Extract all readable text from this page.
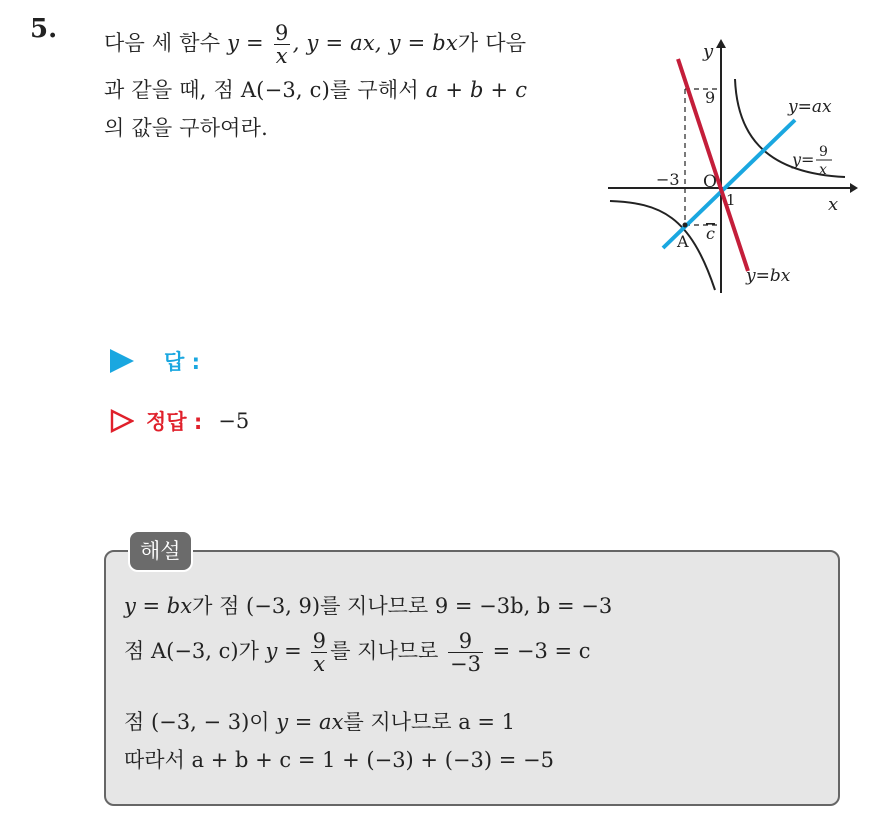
5. 다음 세 함수 $y = \frac{9}{x}$ , y = ax, y = bx가 다음
과 같을 때, 점 A(−3, c)를 구해서 a + b + c
의 값을 구하여라.
y
x
O
9
−3
1
c
A
y=ax
y=bx
y= 9
x
답 :
정답 : −5
해설
y = bx가 점 (−3, 9)를 지나므로 9 = −3b, b = −3
점 A(−3, c)가 $y = \frac{9}{x}$ 를 지나므로 $\frac{9}{-3} = -3 = c$
점 (−3, − 3)이 y = ax를 지나므로 a = 1
따라서 a + b + c = 1 + (−3) + (−3) = −5
